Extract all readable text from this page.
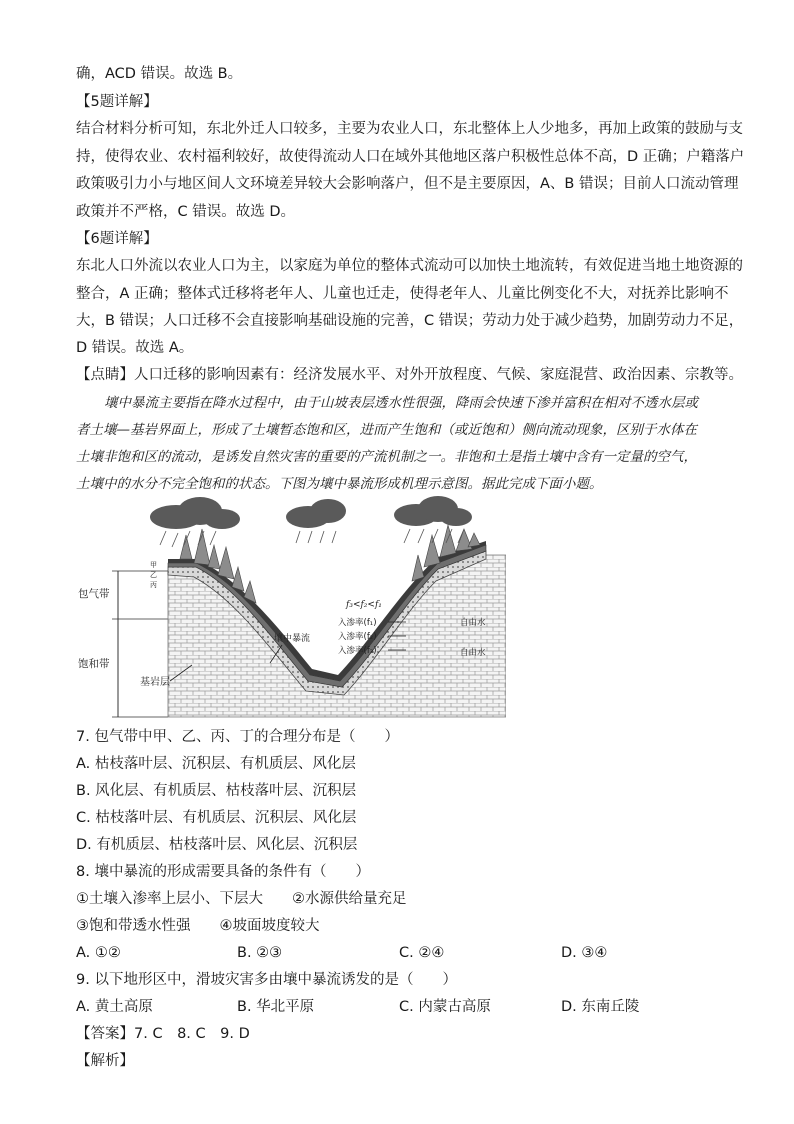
确，ACD 错误。故选 B。
【5题详解】
结合材料分析可知，东北外迁人口较多，主要为农业人口，东北整体上人少地多，再加上政策的鼓励与支
持，使得农业、农村福利较好，故使得流动人口在域外其他地区落户积极性总体不高，D 正确；户籍落户
政策吸引力小与地区间人文环境差异较大会影响落户，但不是主要原因，A、B 错误；目前人口流动管理
政策并不严格，C 错误。故选 D。
【6题详解】
东北人口外流以农业人口为主，以家庭为单位的整体式流动可以加快土地流转，有效促进当地土地资源的
整合，A 正确；整体式迁移将老年人、儿童也迁走，使得老年人、儿童比例变化不大，对抚养比影响不
大，B 错误；人口迁移不会直接影响基础设施的完善，C 错误；劳动力处于减少趋势，加剧劳动力不足，
D 错误。故选 A。
【点睛】人口迁移的影响因素有：经济发展水平、对外开放程度、气候、家庭混营、政治因素、宗教等。
壤中暴流主要指在降水过程中，由于山坡表层透水性很强，降雨会快速下渗并富积在相对不透水层或
者土壤—基岩界面上，形成了土壤暂态饱和区，进而产生饱和（或近饱和）侧向流动现象，区别于水体在
土壤非饱和区的流动，是诱发自然灾害的重要的产流机制之一。非饱和土是指土壤中含有一定量的空气，
土壤中的水分不完全饱和的状态。下图为壤中暴流形成机理示意图。据此完成下面小题。
包气带
饱和带
甲
乙
丙
f₃<f₂<f₁
入渗率(f₁)
入渗率(f₂)
入渗率(f₃)
自由水
自由水
壤中暴流
基岩层
7. 包气带中甲、乙、丙、丁的合理分布是（　　）
A. 枯枝落叶层、沉积层、有机质层、风化层
B. 风化层、有机质层、枯枝落叶层、沉积层
C. 枯枝落叶层、有机质层、沉积层、风化层
D. 有机质层、枯枝落叶层、风化层、沉积层
8. 壤中暴流的形成需要具备的条件有（　　）
①土壤入渗率上层小、下层大　　②水源供给量充足
③饱和带透水性强　　④坡面坡度较大
A. ①②	B. ②③	C. ②④	D. ③④
9. 以下地形区中，滑坡灾害多由壤中暴流诱发的是（　　）
A. 黄土高原	B. 华北平原	C. 内蒙古高原	D. 东南丘陵
【答案】7. C　8. C　9. D
【解析】
